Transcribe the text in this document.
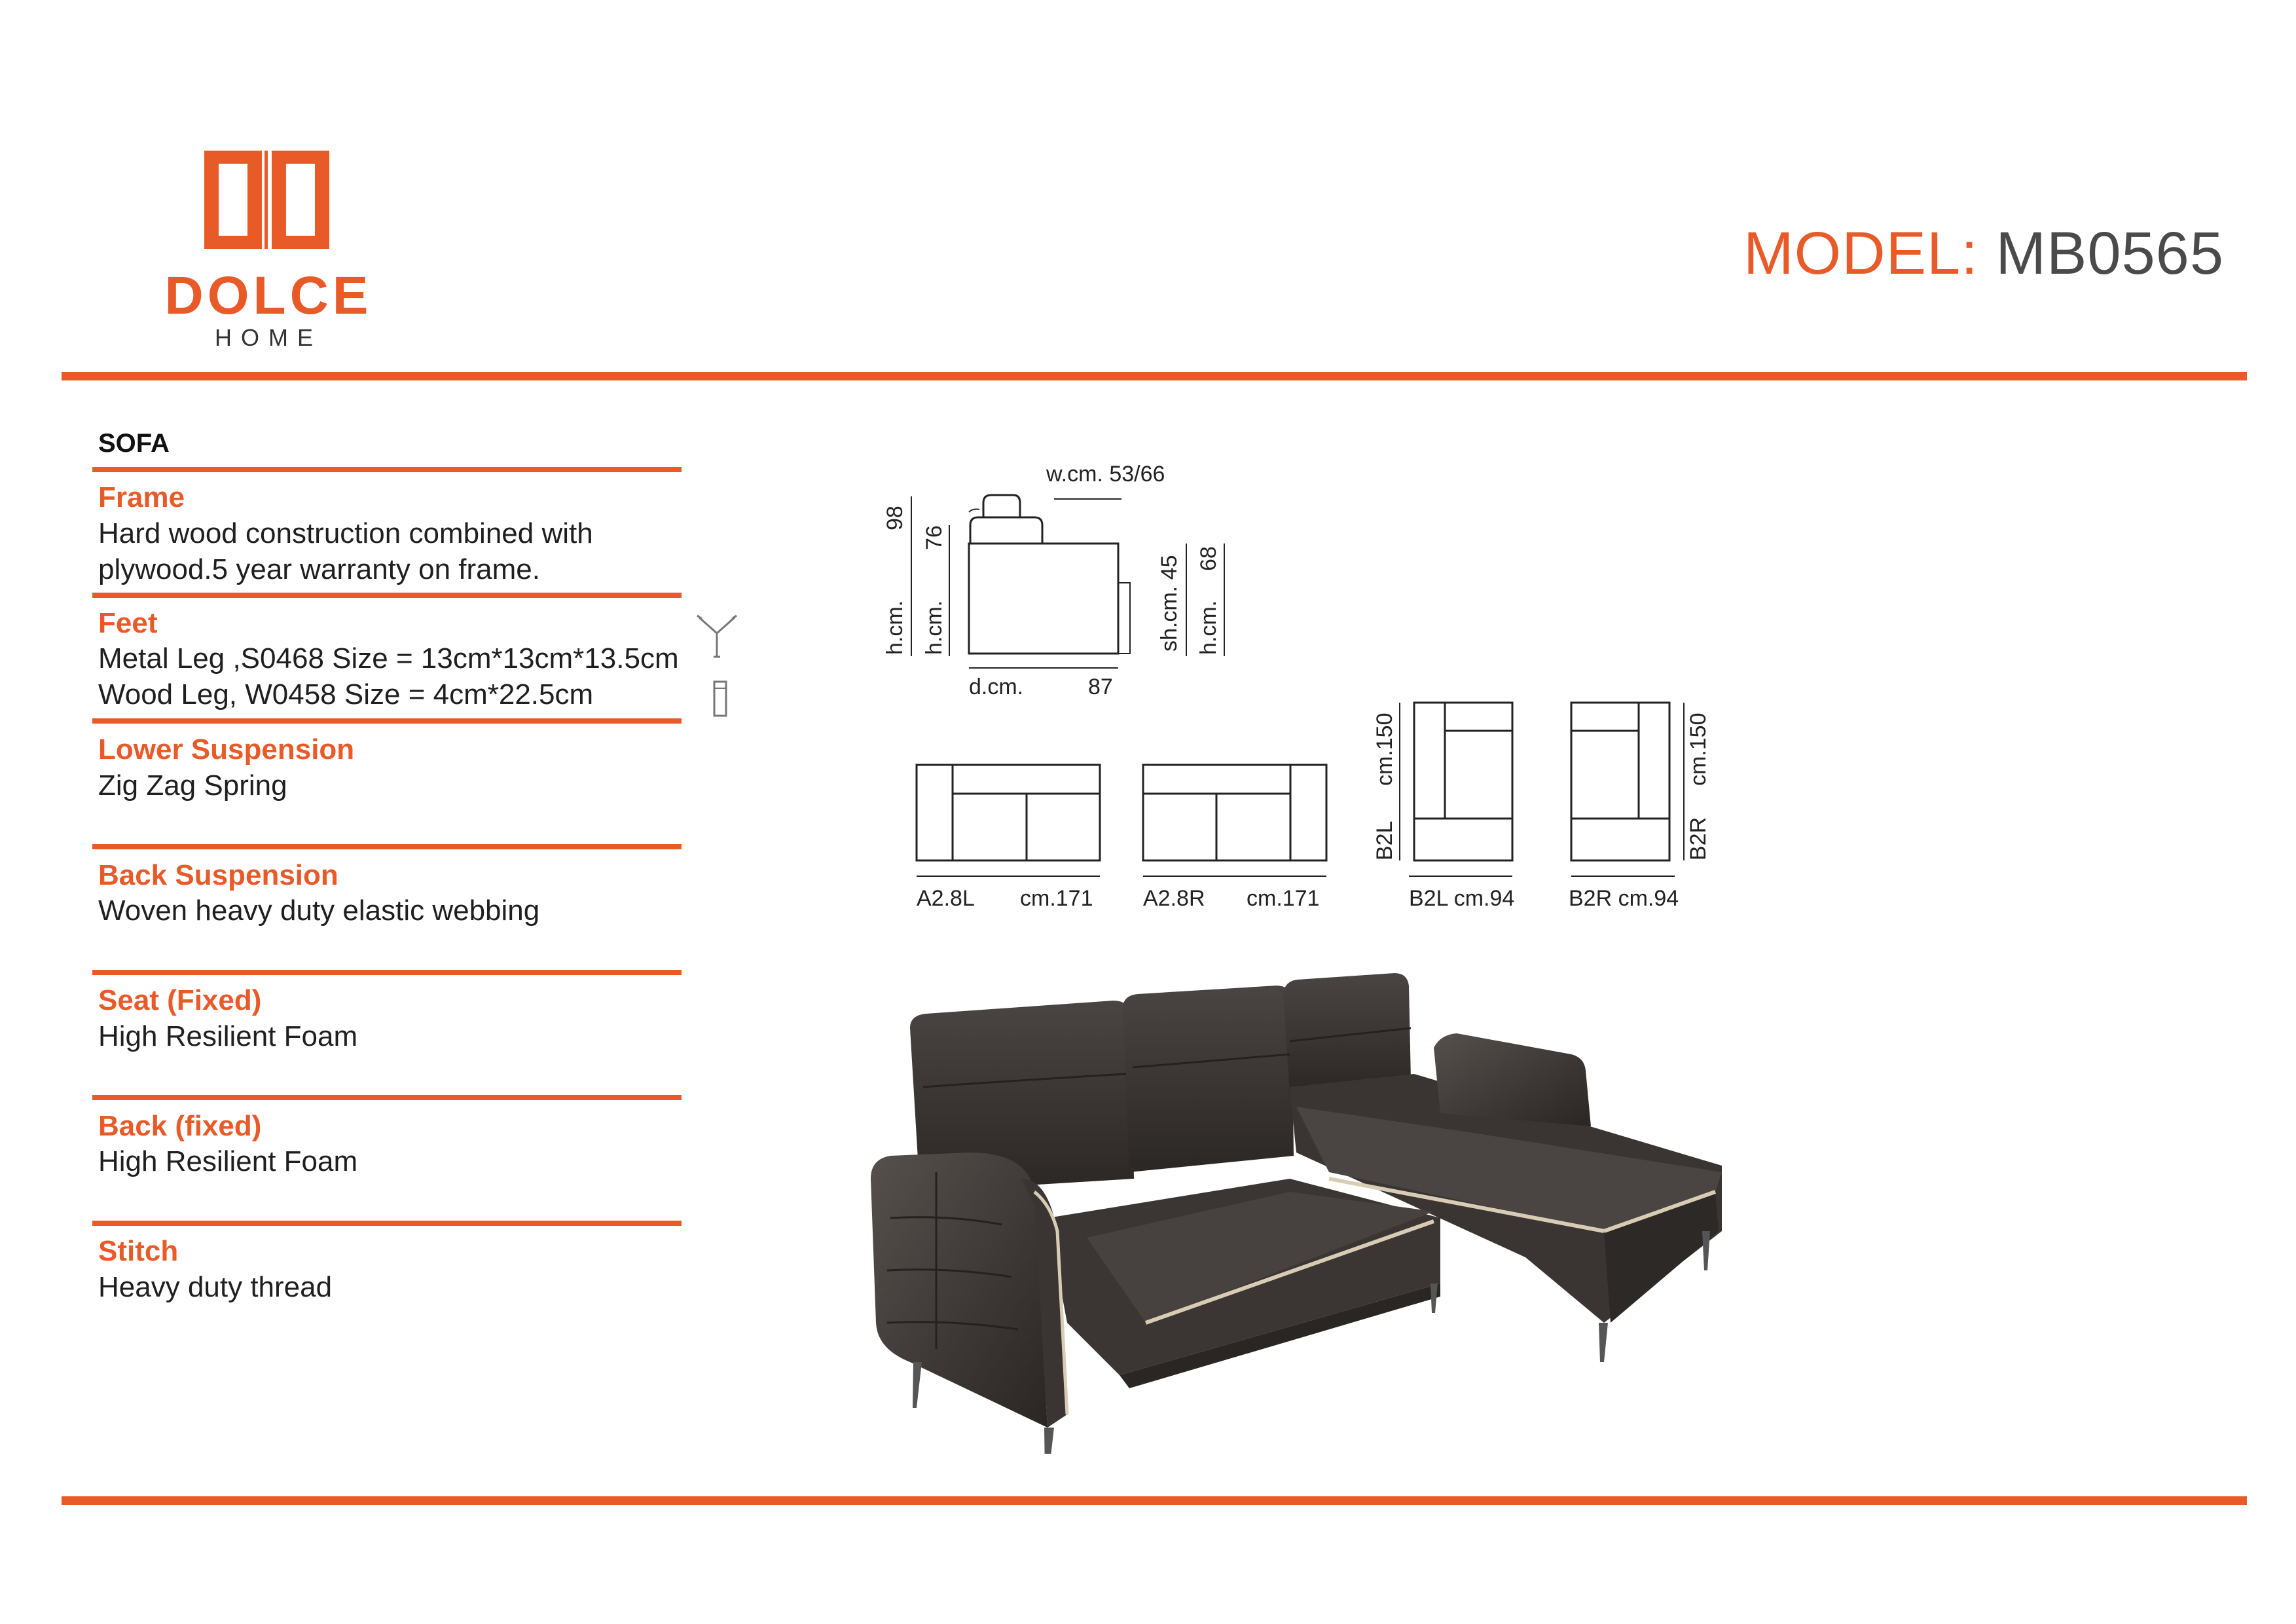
DOLCE
HOME
MODEL: MB0565
SOFA
Frame
Hard wood construction combined with
plywood.5 year warranty on frame.
Feet
Metal Leg ,S0468 Size = 13cm*13cm*13.5cm
Wood Leg, W0458 Size = 4cm*22.5cm
Lower Suspension
Zig Zag Spring
Back Suspension
Woven heavy duty elastic webbing
Seat (Fixed)
High Resilient Foam
Back (fixed)
High Resilient Foam
Stitch
Heavy duty thread
w.cm. 53/66
98
h.cm.
76
h.cm.
d.cm.	87
sh.cm. 45 68
h.cm.
A2.8L cm.171 A2.8R cm.171
cm.150
B2L
B2L cm.94
cm.150
B2R
B2R cm.94
